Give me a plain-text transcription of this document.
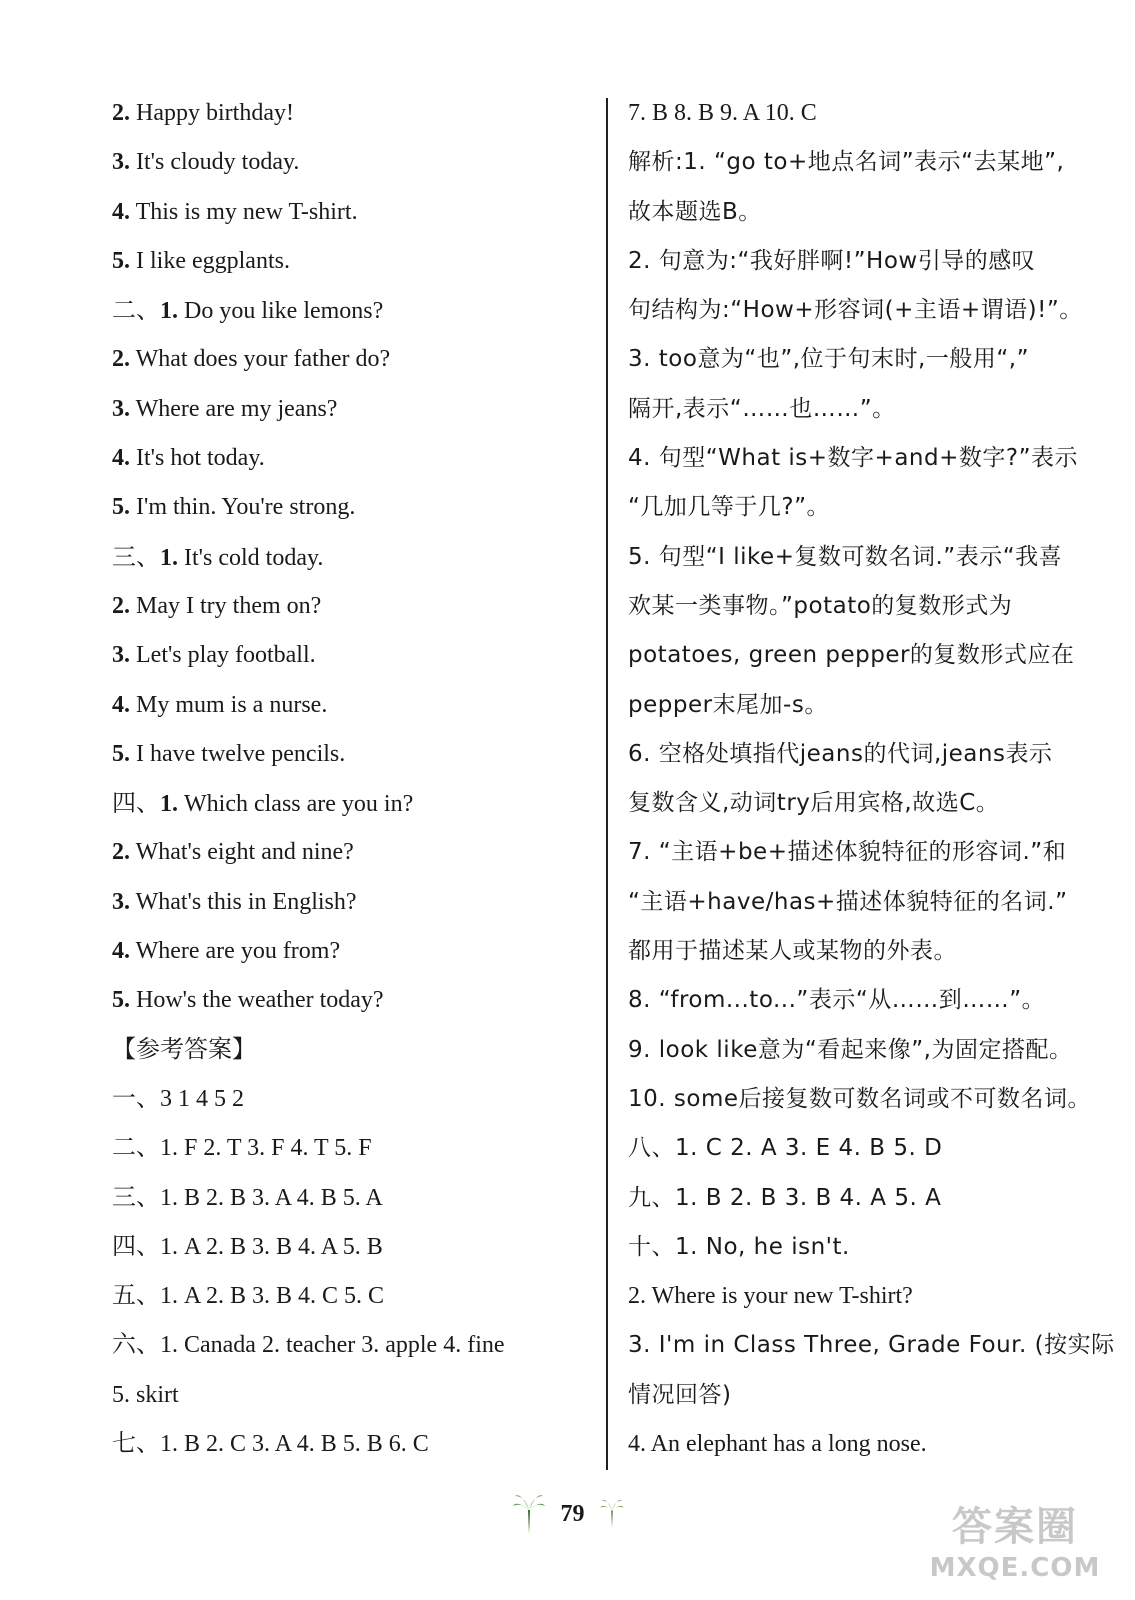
2. Happy birthday!
3. It's cloudy today.
4. This is my new T-shirt.
5. I like eggplants.
二、1. Do you like lemons?
2. What does your father do?
3. Where are my jeans?
4. It's hot today.
5. I'm thin. You're strong.
三、1. It's cold today.
2. May I try them on?
3. Let's play football.
4. My mum is a nurse.
5. I have twelve pencils.
四、1. Which class are you in?
2. What's eight and nine?
3. What's this in English?
4. Where are you from?
5. How's the weather today?
【参考答案】
一、3 1 4 5 2
二、1. F 2. T 3. F 4. T 5. F
三、1. B 2. B 3. A 4. B 5. A
四、1. A 2. B 3. B 4. A 5. B
五、1. A 2. B 3. B 4. C 5. C
六、1. Canada 2. teacher 3. apple 4. fine
5. skirt
七、1. B 2. C 3. A 4. B 5. B 6. C
7. B 8. B 9. A 10. C
解析:1. “go to+地点名词”表示“去某地”,
故本题选B。
2. 句意为:“我好胖啊!”How引导的感叹
句结构为:“How+形容词(+主语+谓语)!”。
3. too意为“也”,位于句末时,一般用“,”
隔开,表示“……也……”。
4. 句型“What is+数字+and+数字?”表示
“几加几等于几?”。
5. 句型“I like+复数可数名词.”表示“我喜
欢某一类事物。”potato的复数形式为
potatoes, green pepper的复数形式应在
pepper末尾加-s。
6. 空格处填指代jeans的代词,jeans表示
复数含义,动词try后用宾格,故选C。
7. “主语+be+描述体貌特征的形容词.”和
“主语+have/has+描述体貌特征的名词.”
都用于描述某人或某物的外表。
8. “from...to...”表示“从……到……”。
9. look like意为“看起来像”,为固定搭配。
10. some后接复数可数名词或不可数名词。
八、1. C 2. A 3. E 4. B 5. D
九、1. B 2. B 3. B 4. A 5. A
十、1. No, he isn't.
2. Where is your new T-shirt?
3. I'm in Class Three, Grade Four. (按实际
情况回答)
4. An elephant has a long nose.
79	答案圈
MXQE.COM
